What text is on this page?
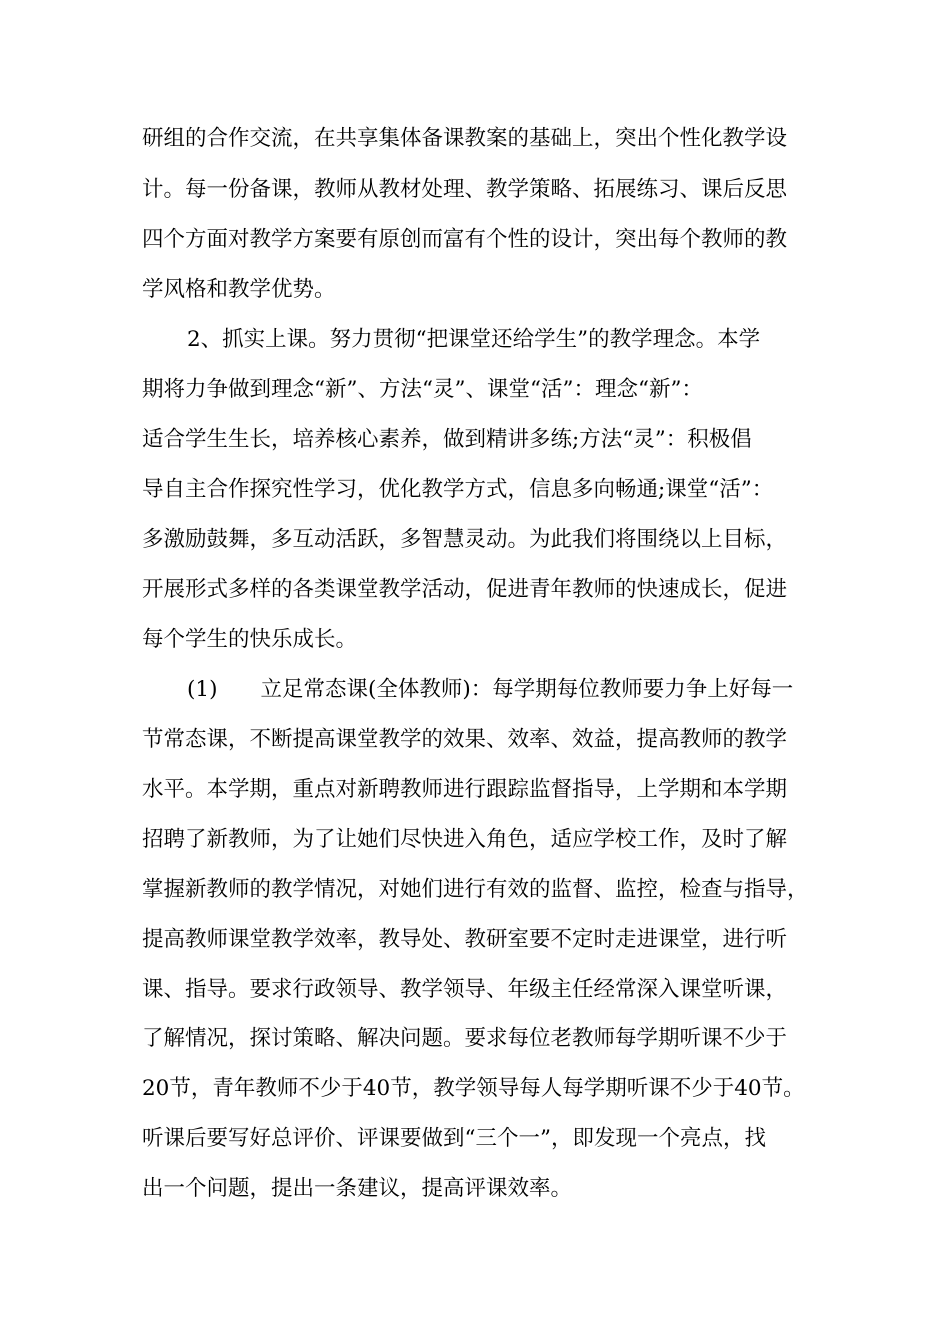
研组的合作交流，在共享集体备课教案的基础上，突出个性化教学设
计。每一份备课，教师从教材处理、教学策略、拓展练习、课后反思
四个方面对教学方案要有原创而富有个性的设计，突出每个教师的教
学风格和教学优势。
2、抓实上课。努力贯彻“把课堂还给学生”的教学理念。本学
期将力争做到理念“新”、方法“灵”、课堂“活”：理念“新”：
适合学生生长，培养核心素养，做到精讲多练;方法“灵”：积极倡
导自主合作探究性学习，优化教学方式，信息多向畅通;课堂“活”：
多激励鼓舞，多互动活跃，多智慧灵动。为此我们将围绕以上目标，
开展形式多样的各类课堂教学活动，促进青年教师的快速成长，促进
每个学生的快乐成长。
(1)　　立足常态课(全体教师)：每学期每位教师要力争上好每一
节常态课，不断提高课堂教学的效果、效率、效益，提高教师的教学
水平。本学期，重点对新聘教师进行跟踪监督指导，上学期和本学期
招聘了新教师，为了让她们尽快进入角色，适应学校工作，及时了解
掌握新教师的教学情况，对她们进行有效的监督、监控，检查与指导，
提高教师课堂教学效率，教导处、教研室要不定时走进课堂，进行听
课、指导。要求行政领导、教学领导、年级主任经常深入课堂听课，
了解情况，探讨策略、解决问题。要求每位老教师每学期听课不少于
20节，青年教师不少于40节，教学领导每人每学期听课不少于40节。
听课后要写好总评价、评课要做到“三个一”，即发现一个亮点，找
出一个问题，提出一条建议，提高评课效率。
